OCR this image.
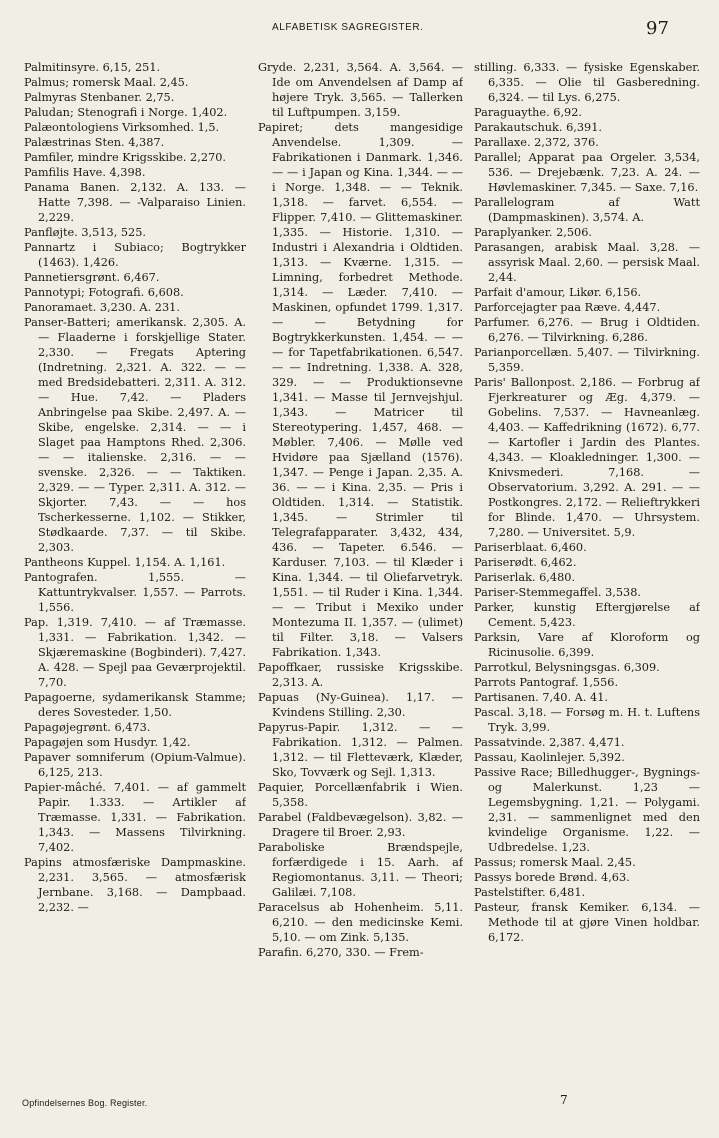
ALFABETISK SAGREGISTER.	97

Palmitinsyre. 6,15, 251.

Palmus; romersk Maal. 2,45.

Palmyras Stenbaner. 2,75.

Paludan; Stenografi i Norge. 1,402.

Palæontologiens Virksomhed. 1,5.

Palæstrinas Sten. 4,387.

Pamfiler, mindre Krigsskibe. 2,270.

Pamfilis Have. 4,398.

Panama Banen. 2,132. A. 133. — Hatte 7,398. — -Valparaiso Linien. 2,229.

Panfløjte. 3,513, 525.

Pannartz i Subiaco; Bogtrykker (1463). 1,426.

Pannetiersgrønt. 6,467.

Pannotypi; Fotografi. 6,608.

Panoramaet. 3,230. A. 231.

Panser-Batteri; amerikansk. 2,305. A. — Flaaderne i forskjellige Stater. 2,330. — Fregats Aptering (Indretning. 2,321. A. 322. — — med Bredsidebatteri. 2,311. A. 312. — Hue. 7,42. — Pladers Anbringelse paa Skibe. 2,497. A. — Skibe, engelske. 2,314. — — i Slaget paa Hamptons Rhed. 2,306. — — italienske. 2,316. — — svenske. 2,326. — — Taktiken. 2,329. — — Typer. 2,311. A. 312. — Skjorter. 7,43. — — hos Tscherkesserne. 1,102. — Stikker, Stødkaarde. 7,37. — til Skibe. 2,303.

Pantheons Kuppel. 1,154. A. 1,161.

Pantografen. 1,555. — Kattuntrykvalser. 1,557. — Parrots. 1,556.

Pap. 1,319. 7,410. — af Træmasse. 1,331. — Fabrikation. 1,342. — Skjæremaskine (Bogbinderi). 7,427. A. 428. — Spejl paa Geværprojektil. 7,70.

Papagoerne, sydamerikansk Stamme; deres Sovesteder. 1,50.

Papagøjegrønt. 6,473.

Papagøjen som Husdyr. 1,42.

Papaver somniferum (Opium-Valmue). 6,125, 213.

Papier-mâché. 7,401. — af gammelt Papir. 1.333. — Artikler af Træmasse. 1,331. — Fabrikation. 1,343. — Massens Tilvirkning. 7,402.

Papins atmosfæriske Dampmaskine. 2,231. 3,565. — atmosfærisk Jernbane. 3,168. — Dampbaad. 2,232. —

Gryde. 2,231, 3,564. A. 3,564. — Ide om Anvendelsen af Damp af højere Tryk. 3,565. — Tallerken til Luftpumpen. 3,159.

Papiret; dets mangesidige Anvendelse. 1,309. — Fabrikationen i Danmark. 1,346. — — i Japan og Kina. 1,344. — — i Norge. 1,348. — — Teknik. 1,318. — farvet. 6,554. — Flipper. 7,410. — Glittemaskiner. 1,335. — Historie. 1,310. — Industri i Alexandria i Oldtiden. 1,313. — Kværne. 1,315. — Limning, forbedret Methode. 1,314. — Læder. 7,410. — Maskinen, opfundet 1799. 1,317. — — Betydning for Bogtrykkerkunsten. 1,454. — — — for Tapetfabrikationen. 6,547. — — Indretning. 1,338. A. 328, 329. — — Produktionsevne 1,341. — Masse til Jernvejshjul. 1,343. — Matricer til Stereotypering. 1,457, 468. — Møbler. 7,406. — Mølle ved Hvidøre paa Sjælland (1576). 1,347. — Penge i Japan. 2,35. A. 36. — — i Kina. 2,35. — Pris i Oldtiden. 1,314. — Statistik. 1,345. — Strimler til Telegrafapparater. 3,432, 434, 436. — Tapeter. 6.546. — Karduser. 7,103. — til Klæder i Kina. 1,344. — til Oliefarvetryk. 1,551. — til Ruder i Kina. 1,344. — — Tribut i Mexiko under Montezuma II. 1,357. — (ulimet) til Filter. 3,18. — Valsers Fabrikation. 1,343.

Papoffkaer, russiske Krigsskibe. 2,313. A.

Papuas (Ny-Guinea). 1,17. — Kvindens Stilling. 2,30.

Papyrus-Papir. 1,312. — — Fabrikation. 1,312. — Palmen. 1,312. — til Fletteværk, Klæder, Sko, Tovværk og Sejl. 1,313.

Paquier, Porcellænfabrik i Wien. 5,358.

Parabel (Faldbevægelson). 3,82. — Dragere til Broer. 2,93.

Paraboliske Brændspejle, forfærdigede i 15. Aarh. af Regiomontanus. 3,11. — Theori; Galilæi. 7,108.

Paracelsus ab Hohenheim. 5,11. 6,210. — den medicinske Kemi. 5,10. — om Zink. 5,135.

Parafin. 6,270, 330. — Frem-

stilling. 6,333. — fysiske Egenskaber. 6,335. — Olie til Gasberedning. 6,324. — til Lys. 6,275.

Paraguaythe. 6,92.

Parakautschuk. 6,391.

Parallaxe. 2,372, 376.

Parallel; Apparat paa Orgeler. 3,534, 536. — Drejebænk. 7,23. A. 24. — Høvlemaskiner. 7,345. — Saxe. 7,16.

Parallelogram af Watt (Dampmaskinen). 3,574. A.

Paraplyanker. 2,506.

Parasangen, arabisk Maal. 3,28. — assyrisk Maal. 2,60. — persisk Maal. 2,44.

Parfait d'amour, Likør. 6,156.

Parforcejagter paa Ræve. 4,447.

Parfumer. 6,276. — Brug i Oldtiden. 6,276. — Tilvirkning. 6,286.

Parianporcellæn. 5,407. — Tilvirkning. 5,359.

Paris' Ballonpost. 2,186. — Forbrug af Fjerkreaturer og Æg. 4,379. — Gobelins. 7,537. — Havneanlæg. 4,403. — Kaffedrikning (1672). 6,77. — Kartofler i Jardin des Plantes. 4,343. — Kloakledninger. 1,300. — Knivsmederi. 7,168. — Observatorium. 3,292. A. 291. — — Postkongres. 2,172. — Relieftrykkeri for Blinde. 1,470. — Uhrsystem. 7,280. — Universitet. 5,9.

Pariserblaat. 6,460.

Pariserødt. 6,462.

Pariserlak. 6,480.

Pariser-Stemmegaffel. 3,538.

Parker, kunstig Eftergjørelse af Cement. 5,423.

Parksin, Vare af Kloroform og Ricinusolie. 6,399.

Parrotkul, Belysningsgas. 6,309.

Parrots Pantograf. 1,556.

Partisanen. 7,40. A. 41.

Pascal. 3,18. — Forsøg m. H. t. Luftens Tryk. 3,99.

Passatvinde. 2,387. 4,471.

Passau, Kaolinlejer. 5,392.

Passive Race; Billedhugger-, Bygnings- og Malerkunst. 1,23 — Legemsbygning. 1,21. — Polygami. 2,31. — sammenlignet med den kvindelige Organisme. 1,22. — Udbredelse. 1,23.

Passus; romersk Maal. 2,45.

Passys borede Brønd. 4,63.

Pastelstifter. 6,481.

Pasteur, fransk Kemiker. 6,134. — Methode til at gjøre Vinen holdbar. 6,172.

Opfindelsernes Bog. Register.	7
